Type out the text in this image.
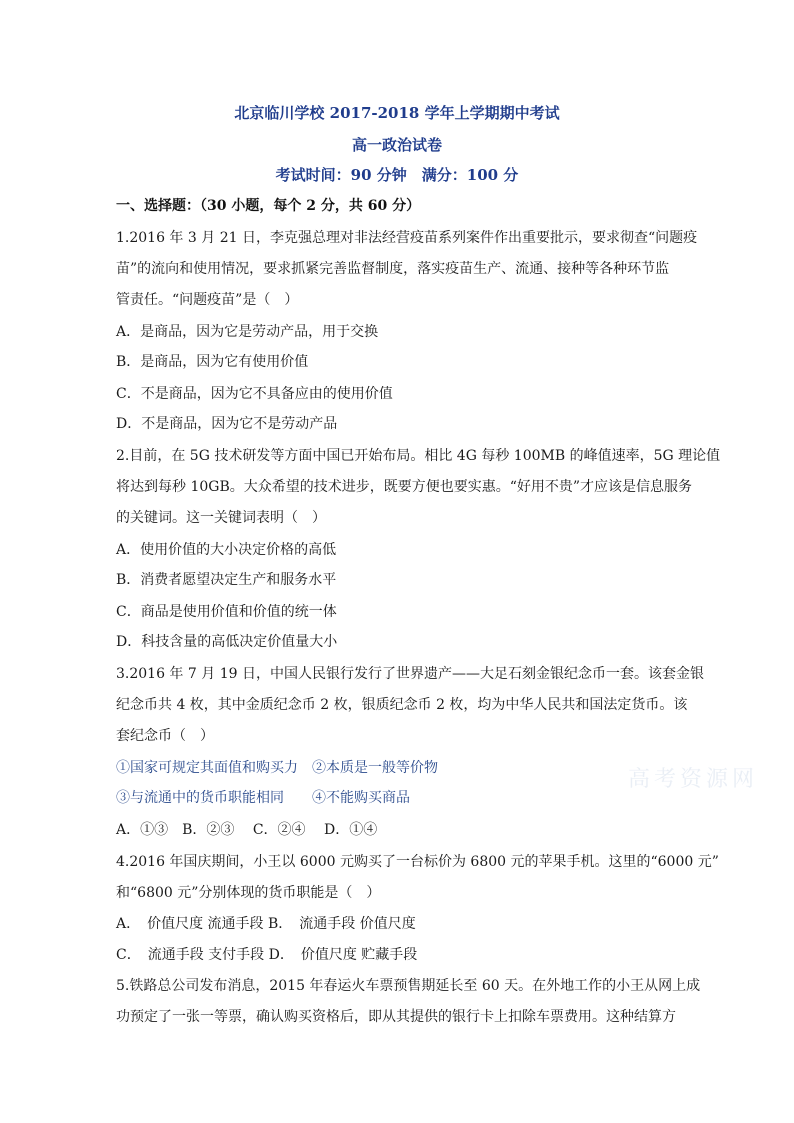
北京临川学校 2017-2018 学年上学期期中考试
高一政治试卷
考试时间：90 分钟　满分：100 分
一、选择题：（30 小题，每个 2 分，共 60 分）
1.2016 年 3 月 21 日，李克强总理对非法经营疫苗系列案件作出重要批示，要求彻查“问题疫
苗”的流向和使用情况，要求抓紧完善监督制度，落实疫苗生产、流通、接种等各种环节监
管责任。“问题疫苗”是（　）
A．是商品，因为它是劳动产品，用于交换
B．是商品，因为它有使用价值
C．不是商品，因为它不具备应由的使用价值
D．不是商品，因为它不是劳动产品
2.目前，在 5G 技术研发等方面中国已开始布局。相比 4G 每秒 100MB 的峰值速率，5G 理论值
将达到每秒 10GB。大众希望的技术进步，既要方便也要实惠。“好用不贵”才应该是信息服务
的关键词。这一关键词表明（　）
A．使用价值的大小决定价格的高低
B．消费者愿望决定生产和服务水平
C．商品是使用价值和价值的统一体
D．科技含量的高低决定价值量大小
3.2016 年 7 月 19 日，中国人民银行发行了世界遗产——大足石刻金银纪念币一套。该套金银
纪念币共 4 枚，其中金质纪念币 2 枚，银质纪念币 2 枚，均为中华人民共和国法定货币。该
套纪念币（　）
①国家可规定其面值和购买力　②本质是一般等价物
③与流通中的货币职能相同　　④不能购买商品
A．①③　B．②③　 C．②④　 D．①④
4.2016 年国庆期间，小王以 6000 元购买了一台标价为 6800 元的苹果手机。这里的“6000 元”
和“6800 元”分别体现的货币职能是（　）
A．　价值尺度 流通手段 B．　流通手段 价值尺度
C．　流通手段 支付手段 D．　价值尺度 贮藏手段
5.铁路总公司发布消息，2015 年春运火车票预售期延长至 60 天。在外地工作的小王从网上成
功预定了一张一等票，确认购买资格后，即从其提供的银行卡上扣除车票费用。这种结算方
高考资源网
